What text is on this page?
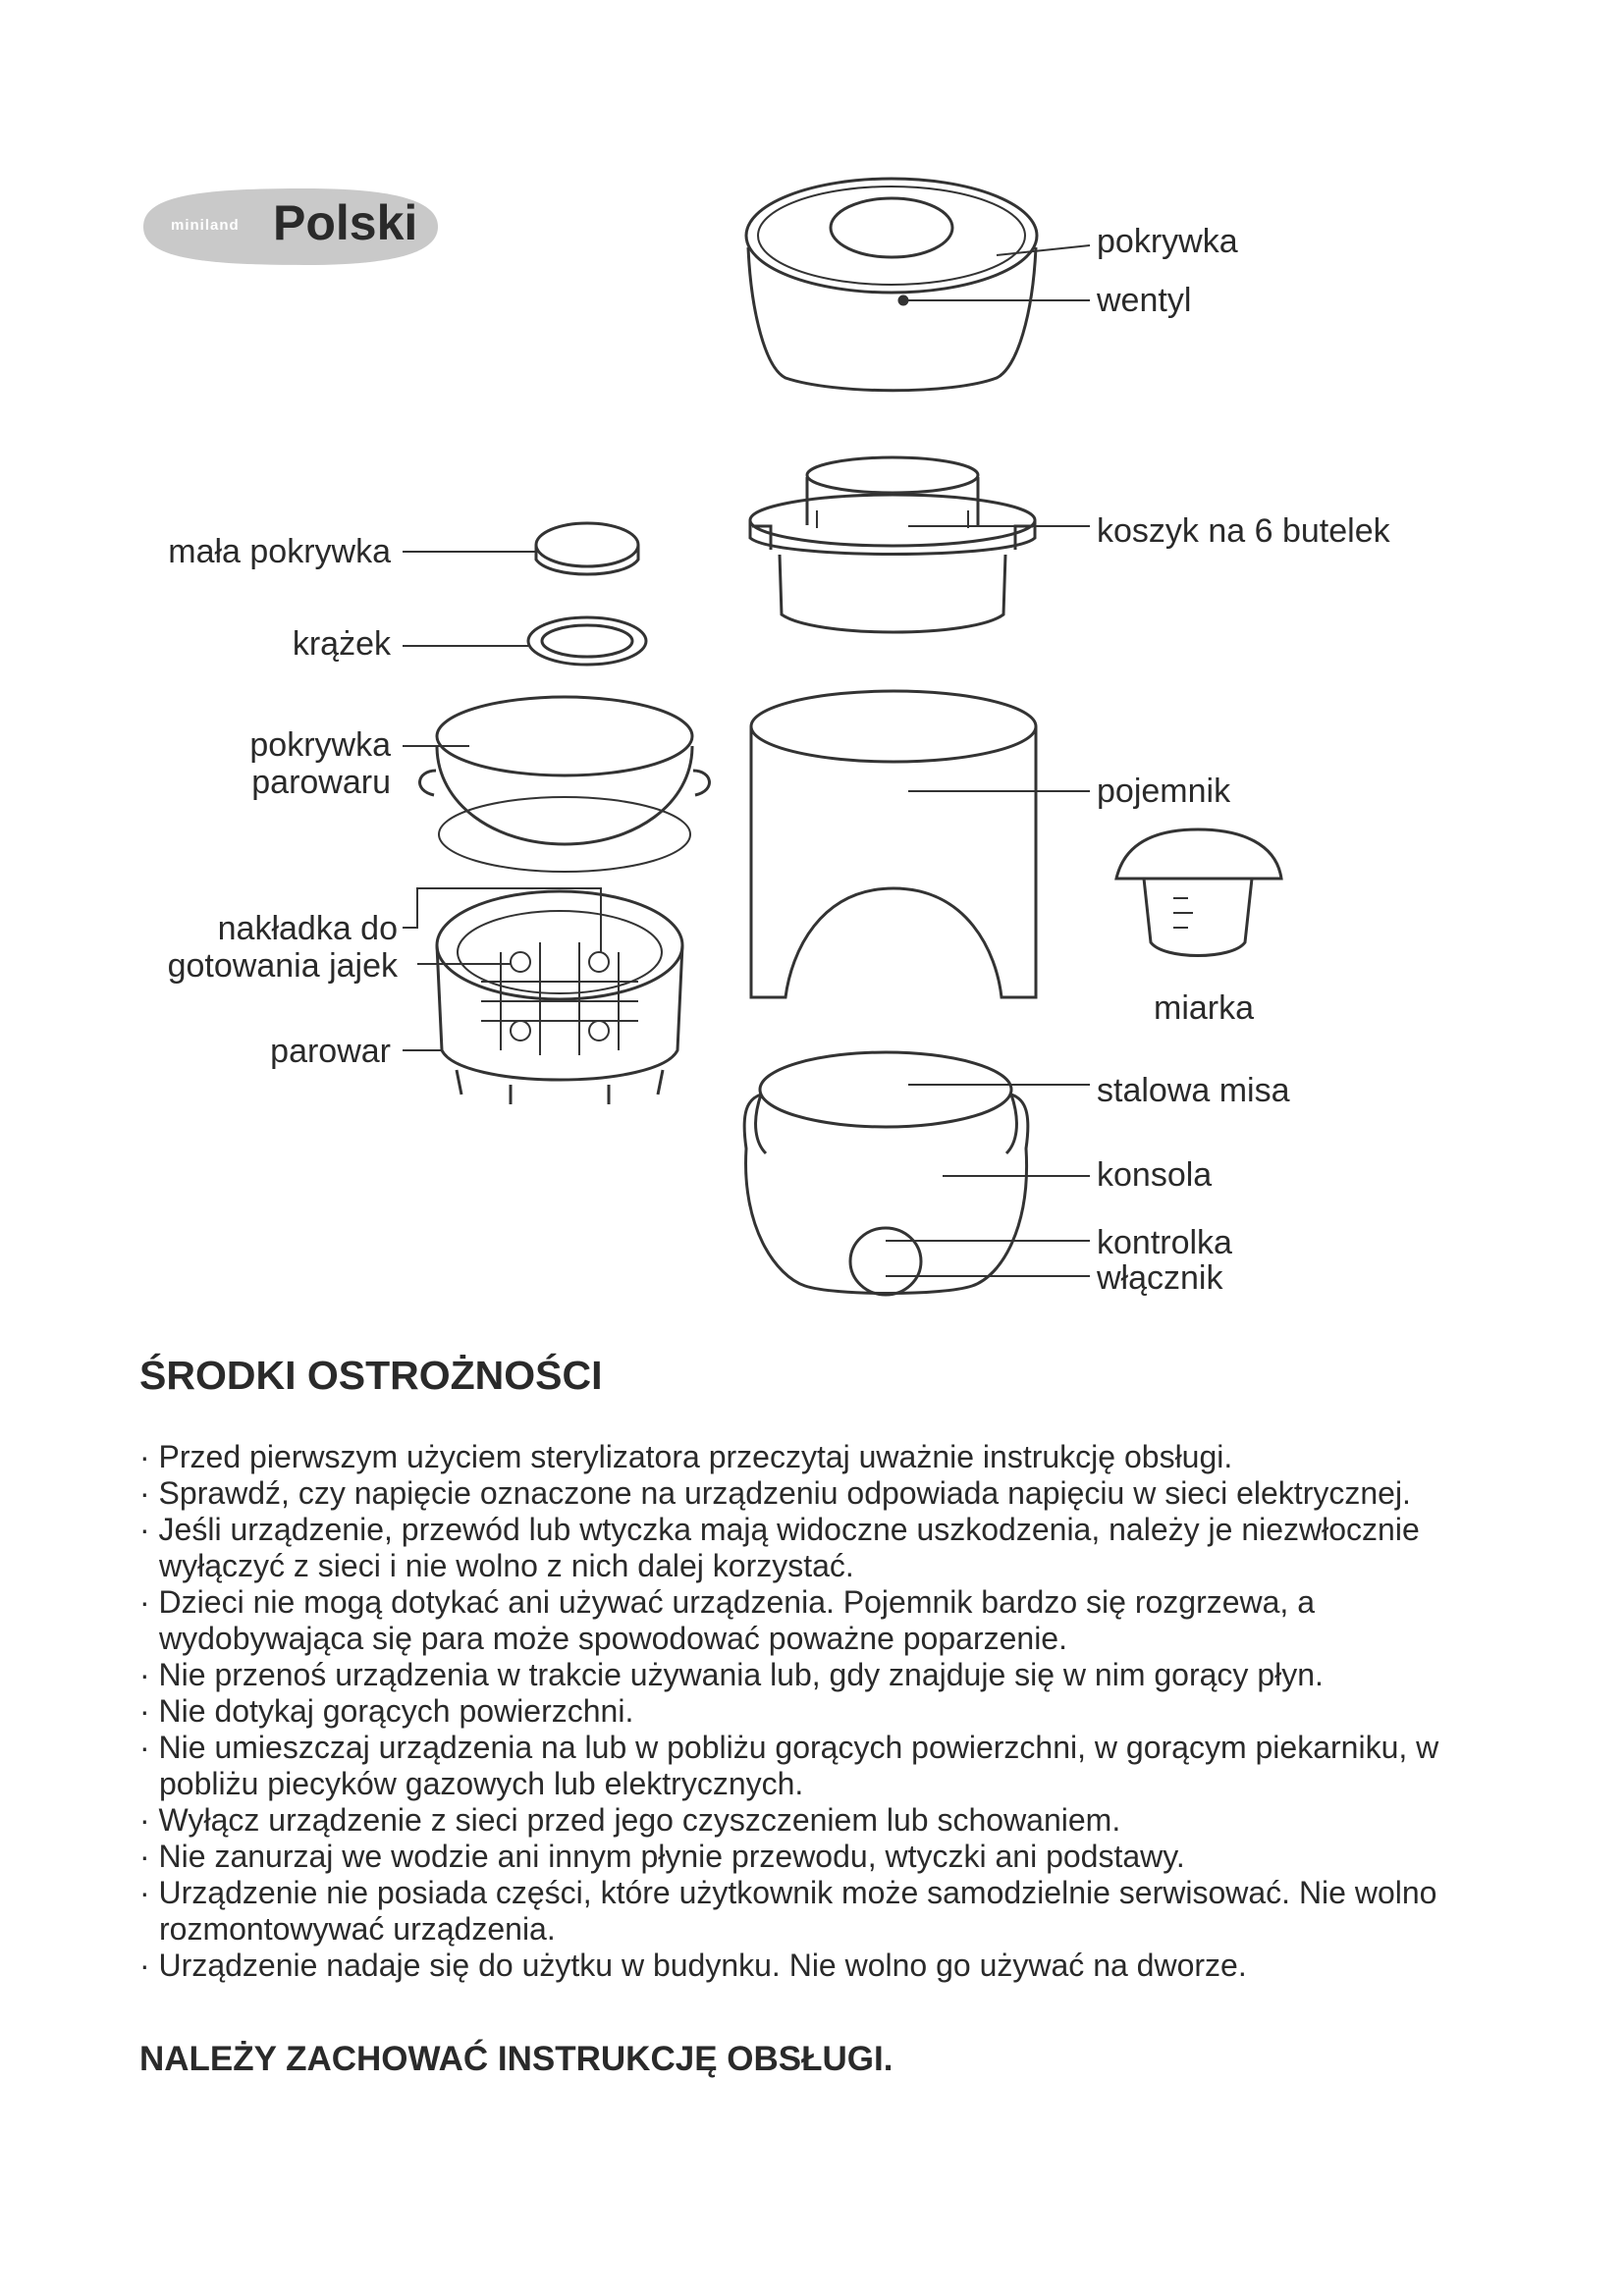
miniland Polski	pokrywka
wentyl
koszyk na 6 butelek
mała pokrywka
krążek
pokrywka
parowaru	pojemnik
miarka
nakładka do
gotowania jajek
parowar
stalowa misa
konsola
kontrolka
włącznik
ŚRODKI OSTROŻNOŚCI
· Przed pierwszym użyciem sterylizatora przeczytaj uważnie instrukcję obsługi.
· Sprawdź, czy napięcie oznaczone na urządzeniu odpowiada napięciu w sieci elektrycznej.
· Jeśli urządzenie, przewód lub wtyczka mają widoczne uszkodzenia, należy je niezwłocznie wyłączyć z sieci i nie wolno z nich dalej korzystać.
· Dzieci nie mogą dotykać ani używać urządzenia. Pojemnik bardzo się rozgrzewa, a wydobywająca się para może spowodować poważne poparzenie.
· Nie przenoś urządzenia w trakcie używania lub, gdy znajduje się w nim gorący płyn.
· Nie dotykaj gorących powierzchni.
· Nie umieszczaj urządzenia na lub w pobliżu gorących powierzchni, w gorącym piekarniku, w pobliżu piecyków gazowych lub elektrycznych.
· Wyłącz urządzenie z sieci przed jego czyszczeniem lub schowaniem.
· Nie zanurzaj we wodzie ani innym płynie przewodu, wtyczki ani podstawy.
· Urządzenie nie posiada części, które użytkownik może samodzielnie serwisować. Nie wolno rozmontowywać urządzenia.
· Urządzenie nadaje się do użytku w budynku. Nie wolno go używać na dworze.
NALEŻY ZACHOWAĆ INSTRUKCJĘ OBSŁUGI.
